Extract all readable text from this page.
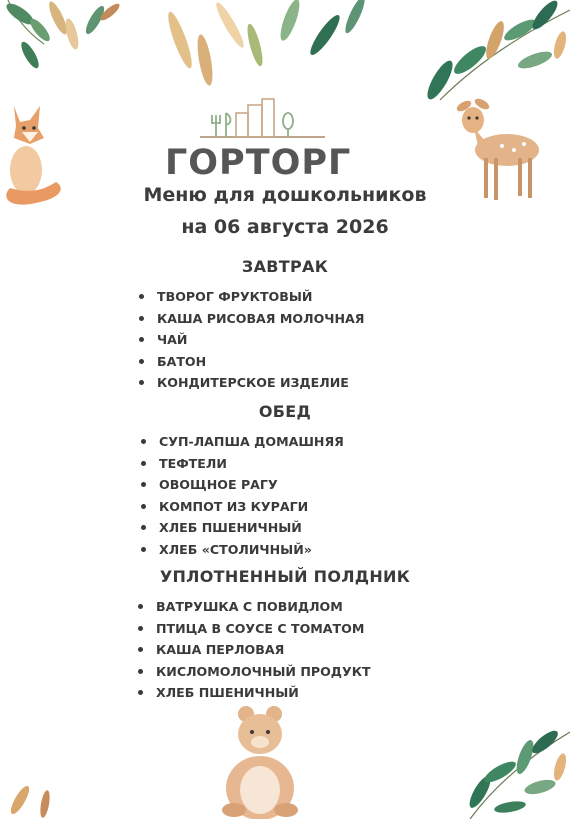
ГОРТОРГ
Меню для дошкольников
на 06 августа 2026
ЗАВТРАК
ТВОРОГ ФРУКТОВЫЙ
КАША РИСОВАЯ МОЛОЧНАЯ
ЧАЙ
БАТОН
КОНДИТЕРСКОЕ ИЗДЕЛИЕ
ОБЕД
СУП-ЛАПША ДОМАШНЯЯ
ТЕФТЕЛИ
ОВОЩНОЕ РАГУ
КОМПОТ ИЗ КУРАГИ
ХЛЕБ ПШЕНИЧНЫЙ
ХЛЕБ «СТОЛИЧНЫЙ»
УПЛОТНЕННЫЙ ПОЛДНИК
ВАТРУШКА С ПОВИДЛОМ
ПТИЦА В СОУСЕ С ТОМАТОМ
КАША ПЕРЛОВАЯ
КИСЛОМОЛОЧНЫЙ ПРОДУКТ
ХЛЕБ ПШЕНИЧНЫЙ
